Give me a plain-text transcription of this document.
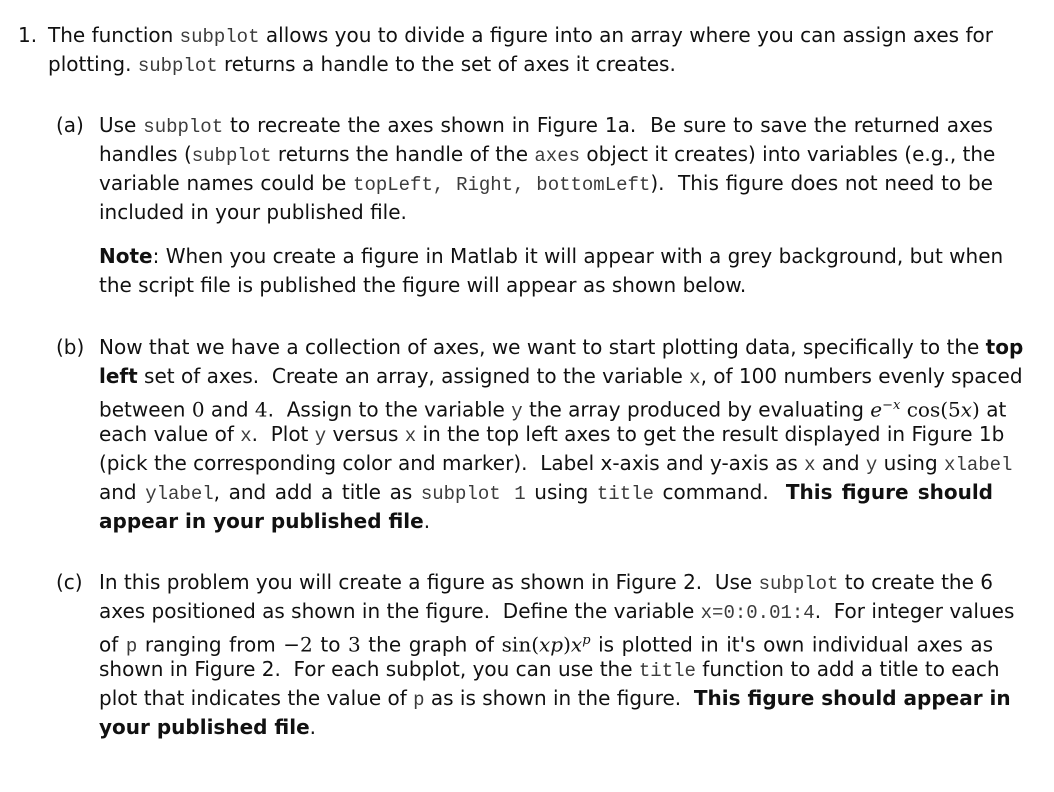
1. The function subplot allows you to divide a figure into an array where you can assign axes for
plotting. subplot returns a handle to the set of axes it creates.
(a) Use subplot to recreate the axes shown in Figure 1a.  Be sure to save the returned axes
handles (subplot returns the handle of the axes object it creates) into variables (e.g., the
variable names could be topLeft, Right, bottomLeft).  This figure does not need to be
included in your published file.
Note: When you create a figure in Matlab it will appear with a grey background, but when
the script file is published the figure will appear as shown below.
(b) Now that we have a collection of axes, we want to start plotting data, specifically to the top
left set of axes.  Create an array, assigned to the variable x, of 100 numbers evenly spaced
between 0 and 4.  Assign to the variable y the array produced by evaluating $e^{-x}$ cos(5x) at
each value of x.  Plot y versus x in the top left axes to get the result displayed in Figure 1b
(pick the corresponding color and marker).  Label x-axis and y-axis as x and y using xlabel
and ylabel, and add a title as subplot 1 using title command.  This figure should
appear in your published file.
(c) In this problem you will create a figure as shown in Figure 2.  Use subplot to create the 6
axes positioned as shown in the figure.  Define the variable x=0:0.01:4.  For integer values
of p ranging from −2 to 3 the graph of $\sin(xp)x^p$ is plotted in it's own individual axes as
shown in Figure 2.  For each subplot, you can use the title function to add a title to each
plot that indicates the value of p as is shown in the figure.  This figure should appear in
your published file.
